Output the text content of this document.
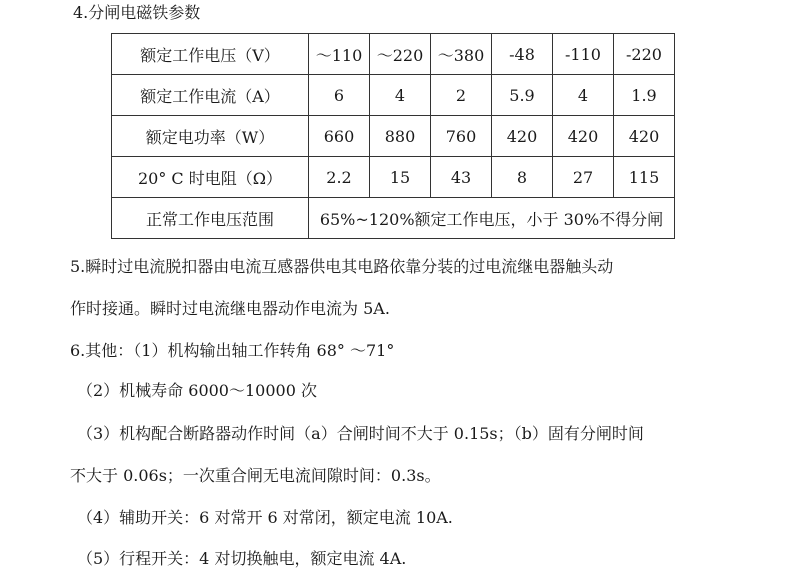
4.分闸电磁铁参数
额定工作电压（V）	～110	～220	～380	-48	-110	-220
额定工作电流（A）	6	4	2	5.9	4	1.9
额定电功率（W）	660	880	760	420	420	420
20° C 时电阻（Ω）	2.2	15	43	8	27	115
正常工作电压范围	65%~120%额定工作电压，小于 30%不得分闸					
5.瞬时过电流脱扣器由电流互感器供电其电路依靠分装的过电流继电器触头动
作时接通。瞬时过电流继电器动作电流为 5A.
6.其他：（1）机构输出轴工作转角 68° ～71°
（2）机械寿命 6000～10000 次
（3）机构配合断路器动作时间（a）合闸时间不大于 0.15s；（b）固有分闸时间
不大于 0.06s；一次重合闸无电流间隙时间：0.3s。
（4）辅助开关：6 对常开 6 对常闭，额定电流 10A.
（5）行程开关：4 对切换触电，额定电流 4A.
